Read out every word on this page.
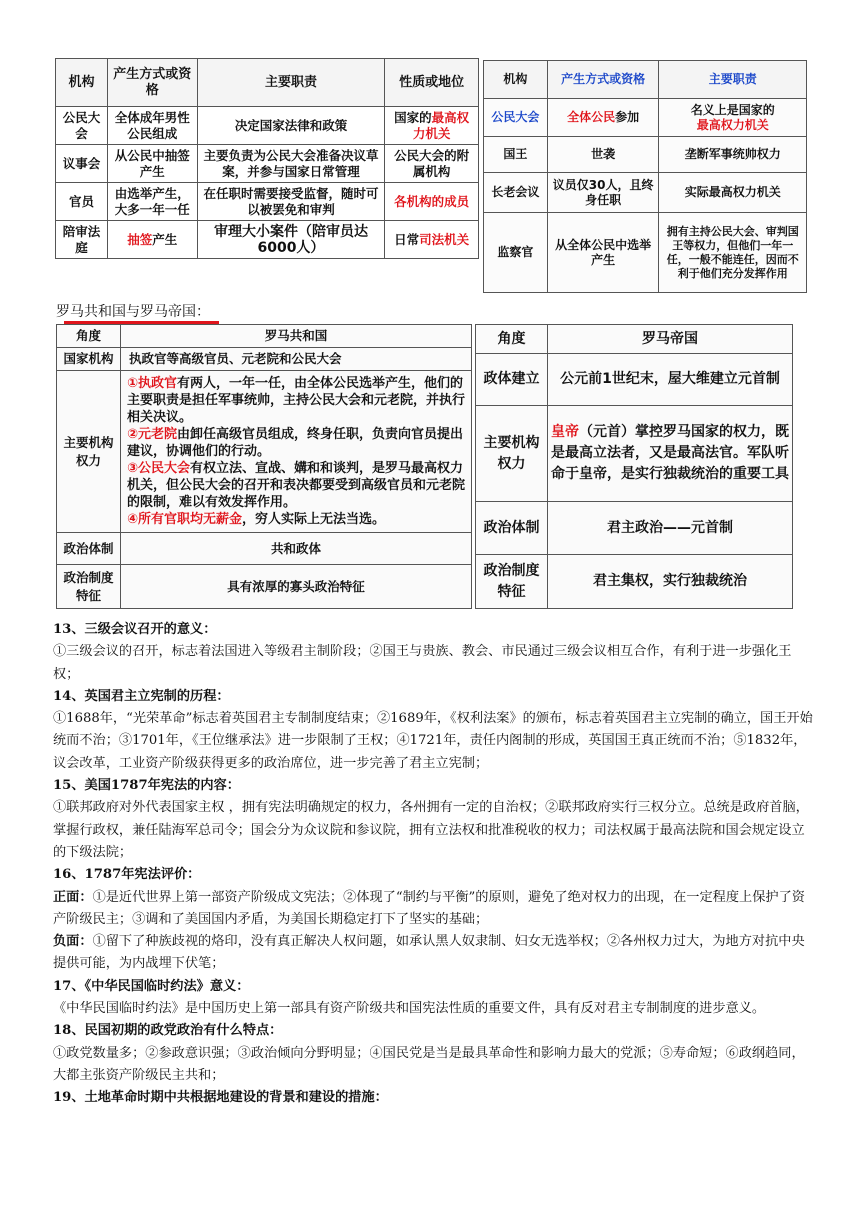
机构	产生方式或资格	主要职责	性质或地位
公民大会	全体成年男性公民组成	决定国家法律和政策	国家的最高权力机关
议事会	从公民中抽签产生	主要负责为公民大会准备决议草案，并参与国家日常管理	公民大会的附属机构
官员	由选举产生，大多一年一任	在任职时需要接受监督，随时可以被罢免和审判	各机构的成员
陪审法庭	抽签产生	审理大小案件（陪审员达6000人）	日常司法机关
机构	产生方式或资格	主要职责
公民大会	全体公民参加	名义上是国家的
最高权力机关
国王	世袭	垄断军事统帅权力
长老会议	议员仅30人，且终身任职	实际最高权力机关
监察官	从全体公民中选举产生	拥有主持公民大会、审判国王等权力，但他们一年一任，一般不能连任，因而不利于他们充分发挥作用
罗马共和国与罗马帝国：
角度	罗马共和国
国家机构	执政官等高级官员、元老院和公民大会
主要机构权力	①执政官有两人，一年一任，由全体公民选举产生，他们的主要职责是担任军事统帅，主持公民大会和元老院，并执行相关决议。
②元老院由卸任高级官员组成，终身任职，负责向官员提出建议，协调他们的行动。
③公民大会有权立法、宣战、媾和和谈判，是罗马最高权力机关，但公民大会的召开和表决都要受到高级官员和元老院的限制，难以有效发挥作用。
④所有官职均无薪金，穷人实际上无法当选。

政治体制	共和政体
政治制度特征	具有浓厚的寡头政治特征
角度	罗马帝国
政体建立	公元前1世纪末，屋大维建立元首制
主要机构权力	皇帝（元首）掌控罗马国家的权力，既是最高立法者，又是最高法官。军队听命于皇帝，是实行独裁统治的重要工具
政治体制	君主政治——元首制
政治制度特征	君主集权，实行独裁统治

13、三级会议召开的意义：

①三级会议的召开，标志着法国进入等级君主制阶段；②国王与贵族、教会、市民通过三级会议相互合作，有利于进一步强化王权；

14、英国君主立宪制的历程：

①1688年，“光荣革命”标志着英国君主专制制度结束；②1689年，《权利法案》的颁布，标志着英国君主立宪制的确立，国王开始统而不治；③1701年，《王位继承法》进一步限制了王权；④1721年，责任内阁制的形成，英国国王真正统而不治；⑤1832年，议会改革，工业资产阶级获得更多的政治席位，进一步完善了君主立宪制；

15、美国1787年宪法的内容：

①联邦政府对外代表国家主权 ，拥有宪法明确规定的权力，各州拥有一定的自治权；②联邦政府实行三权分立。总统是政府首脑，掌握行政权，兼任陆海军总司令；国会分为众议院和参议院，拥有立法权和批准税收的权力；司法权属于最高法院和国会规定设立的下级法院；

16、1787年宪法评价：

正面：①是近代世界上第一部资产阶级成文宪法；②体现了“制约与平衡”的原则，避免了绝对权力的出现，在一定程度上保护了资产阶级民主；③调和了美国国内矛盾，为美国长期稳定打下了坚实的基础；

负面：①留下了种族歧视的烙印，没有真正解决人权问题，如承认黑人奴隶制、妇女无选举权；②各州权力过大，为地方对抗中央提供可能，为内战埋下伏笔；

17、《中华民国临时约法》意义：

《中华民国临时约法》是中国历史上第一部具有资产阶级共和国宪法性质的重要文件，具有反对君主专制制度的进步意义。

18、民国初期的政党政治有什么特点：

①政党数量多；②参政意识强；③政治倾向分野明显；④国民党是当是最具革命性和影响力最大的党派；⑤寿命短；⑥政纲趋同，大都主张资产阶级民主共和；

19、土地革命时期中共根据地建设的背景和建设的措施：
